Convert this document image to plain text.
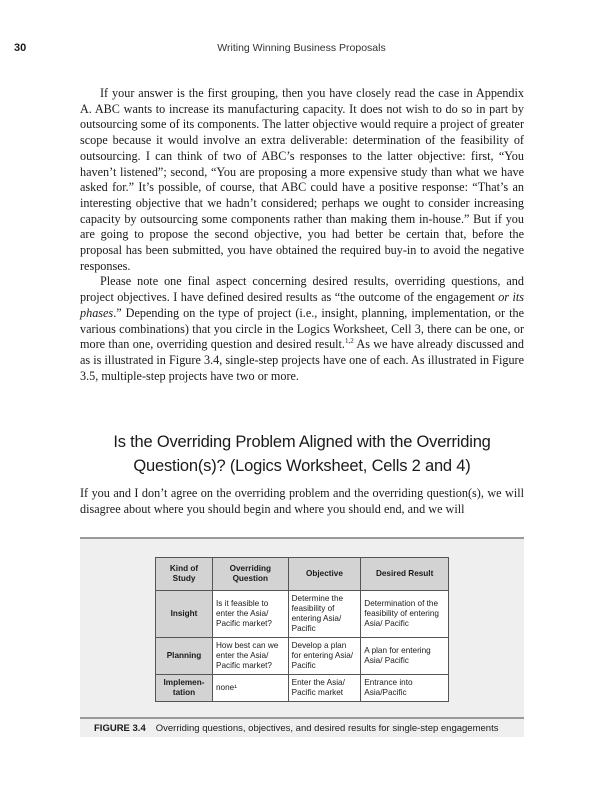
30	Writing Winning Business Proposals

If your answer is the first grouping, then you have closely read the case in Appendix A. ABC wants to increase its manufacturing capacity. It does not wish to do so in part by outsourcing some of its components. The latter objective would require a project of greater scope because it would involve an extra deliverable: determination of the feasibility of outsourcing. I can think of two of ABC’s responses to the latter objective: first, “You haven’t listened”; second, “You are proposing a more expensive study than what we have asked for.” It’s possible, of course, that ABC could have a positive response: “That’s an interesting objective that we hadn’t considered; perhaps we ought to consider increasing capacity by outsourcing some components rather than making them in-house.” But if you are going to propose the second objective, you had better be certain that, before the proposal has been submitted, you have obtained the required buy-in to avoid the negative responses.

Please note one final aspect concerning desired results, overriding questions, and project objectives. I have defined desired results as “the outcome of the engagement or its phases.” Depending on the type of project (i.e., insight, planning, implementation, or the various combinations) that you circle in the Logics Worksheet, Cell 3, there can be one, or more than one, overriding question and desired result.$^{1,2}$ As we have already discussed and as is illustrated in Figure 3.4, single-step projects have one of each. As illustrated in Figure 3.5, multiple-step projects have two or more.

Is the Overriding Problem Aligned with the Overriding
Question(s)? (Logics Worksheet, Cells 2 and 4)

If you and I don’t agree on the overriding problem and the overriding question(s), we will disagree about where you should begin and where you should end, and we will

Kind of Study	Overriding Question	Objective	Desired Result
Insight	Is it feasible to enter the Asia/ Pacific market?	Determine the feasibility of entering Asia/ Pacific	Determination of the feasibility of entering Asia/ Pacific
Planning	How best can we enter the Asia/ Pacific market?	Develop a plan for entering Asia/ Pacific	A plan for entering Asia/ Pacific
Implemen- tation	none¹	Enter the Asia/ Pacific market	Entrance into Asia/Pacific
FIGURE 3.4 Overriding questions, objectives, and desired results for single-step engagements
